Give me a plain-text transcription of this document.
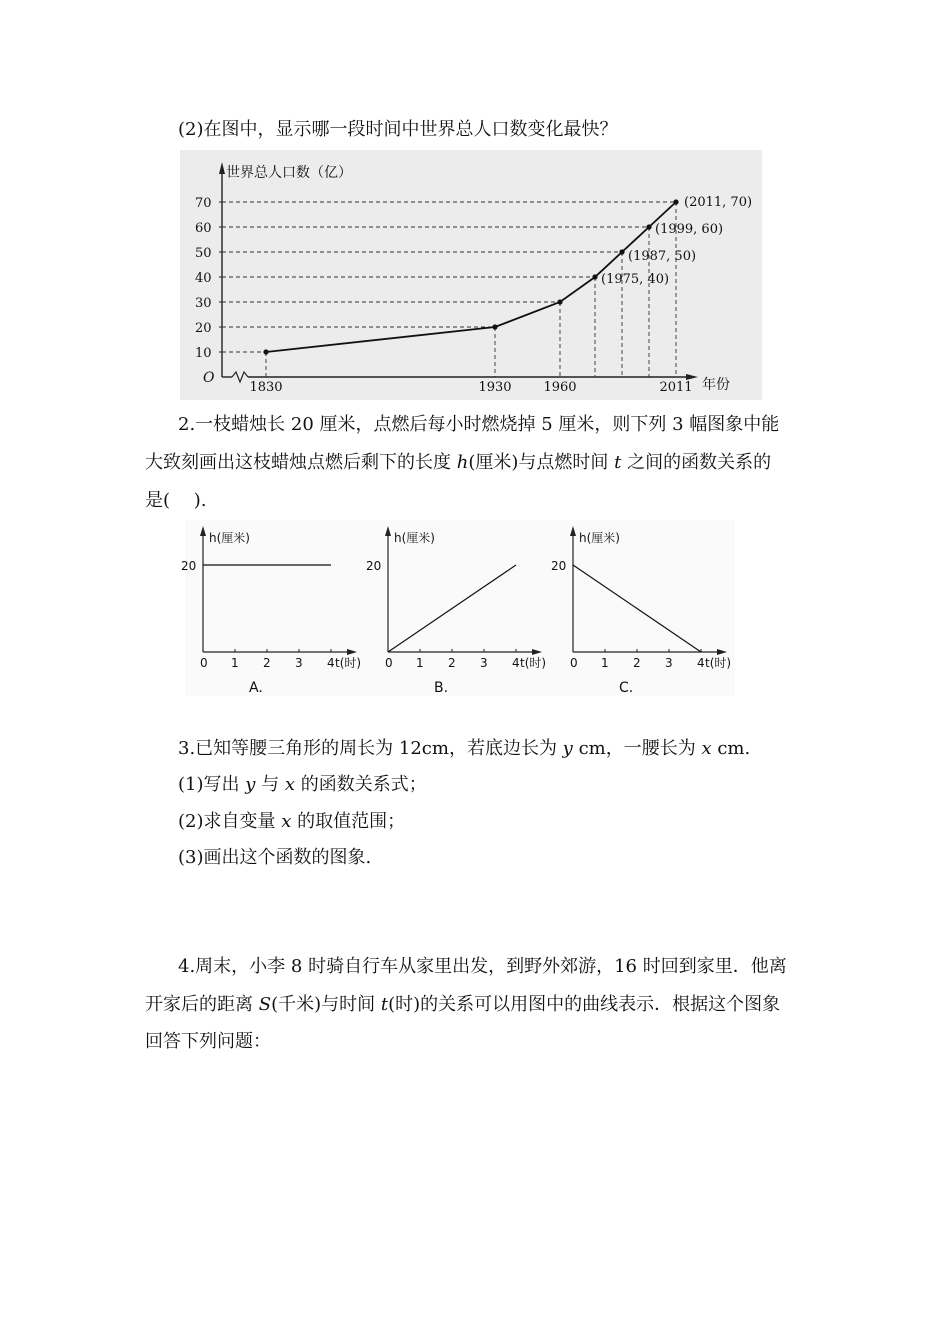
(2)在图中，显示哪一段时间中世界总人口数变化最快？
O	年份
世界总人口数（亿）
10
20
30
40
50
60
70
1830	1930 1960	2011
(2011, 70)
(1999, 60)
(1987, 50)
(1975, 40)
2.一枝蜡烛长 20 厘米，点燃后每小时燃烧掉 5 厘米，则下列 3 幅图象中能
大致刻画出这枝蜡烛点燃后剩下的长度 h(厘米)与点燃时间 t 之间的函数关系的
是(　 ).
h(厘米)
20
0 1 2 3 4 t(时)
A.
h(厘米)
20
0 1 2 3 4 t(时)
B.
h(厘米)
20
0 1 2 3 4 t(时)
C.
3.已知等腰三角形的周长为 12cm，若底边长为 y cm，一腰长为 x cm.
(1)写出 y 与 x 的函数关系式；
(2)求自变量 x 的取值范围；
(3)画出这个函数的图象.
4.周末，小李 8 时骑自行车从家里出发，到野外郊游，16 时回到家里．他离
开家后的距离 S(千米)与时间 t(时)的关系可以用图中的曲线表示．根据这个图象
回答下列问题：
